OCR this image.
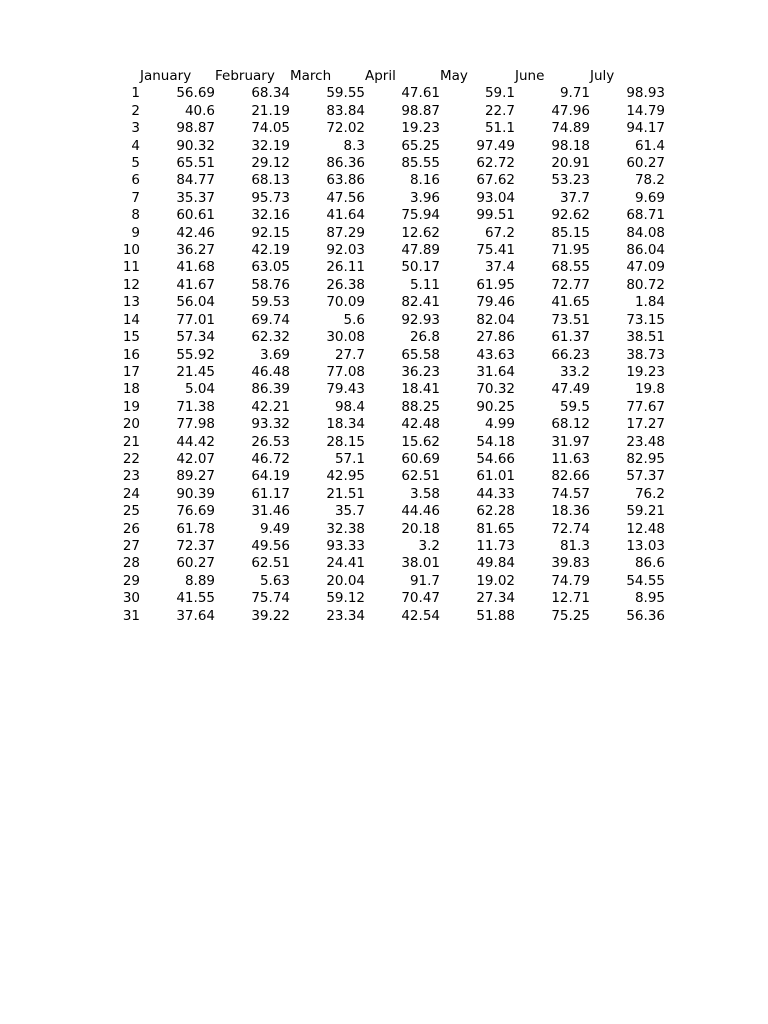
	January	February	March	April	May	June	July
1	56.69	68.34	59.55	47.61	59.1	9.71	98.93
2	40.6	21.19	83.84	98.87	22.7	47.96	14.79
3	98.87	74.05	72.02	19.23	51.1	74.89	94.17
4	90.32	32.19	8.3	65.25	97.49	98.18	61.4
5	65.51	29.12	86.36	85.55	62.72	20.91	60.27
6	84.77	68.13	63.86	8.16	67.62	53.23	78.2
7	35.37	95.73	47.56	3.96	93.04	37.7	9.69
8	60.61	32.16	41.64	75.94	99.51	92.62	68.71
9	42.46	92.15	87.29	12.62	67.2	85.15	84.08
10	36.27	42.19	92.03	47.89	75.41	71.95	86.04
11	41.68	63.05	26.11	50.17	37.4	68.55	47.09
12	41.67	58.76	26.38	5.11	61.95	72.77	80.72
13	56.04	59.53	70.09	82.41	79.46	41.65	1.84
14	77.01	69.74	5.6	92.93	82.04	73.51	73.15
15	57.34	62.32	30.08	26.8	27.86	61.37	38.51
16	55.92	3.69	27.7	65.58	43.63	66.23	38.73
17	21.45	46.48	77.08	36.23	31.64	33.2	19.23
18	5.04	86.39	79.43	18.41	70.32	47.49	19.8
19	71.38	42.21	98.4	88.25	90.25	59.5	77.67
20	77.98	93.32	18.34	42.48	4.99	68.12	17.27
21	44.42	26.53	28.15	15.62	54.18	31.97	23.48
22	42.07	46.72	57.1	60.69	54.66	11.63	82.95
23	89.27	64.19	42.95	62.51	61.01	82.66	57.37
24	90.39	61.17	21.51	3.58	44.33	74.57	76.2
25	76.69	31.46	35.7	44.46	62.28	18.36	59.21
26	61.78	9.49	32.38	20.18	81.65	72.74	12.48
27	72.37	49.56	93.33	3.2	11.73	81.3	13.03
28	60.27	62.51	24.41	38.01	49.84	39.83	86.6
29	8.89	5.63	20.04	91.7	19.02	74.79	54.55
30	41.55	75.74	59.12	70.47	27.34	12.71	8.95
31	37.64	39.22	23.34	42.54	51.88	75.25	56.36
